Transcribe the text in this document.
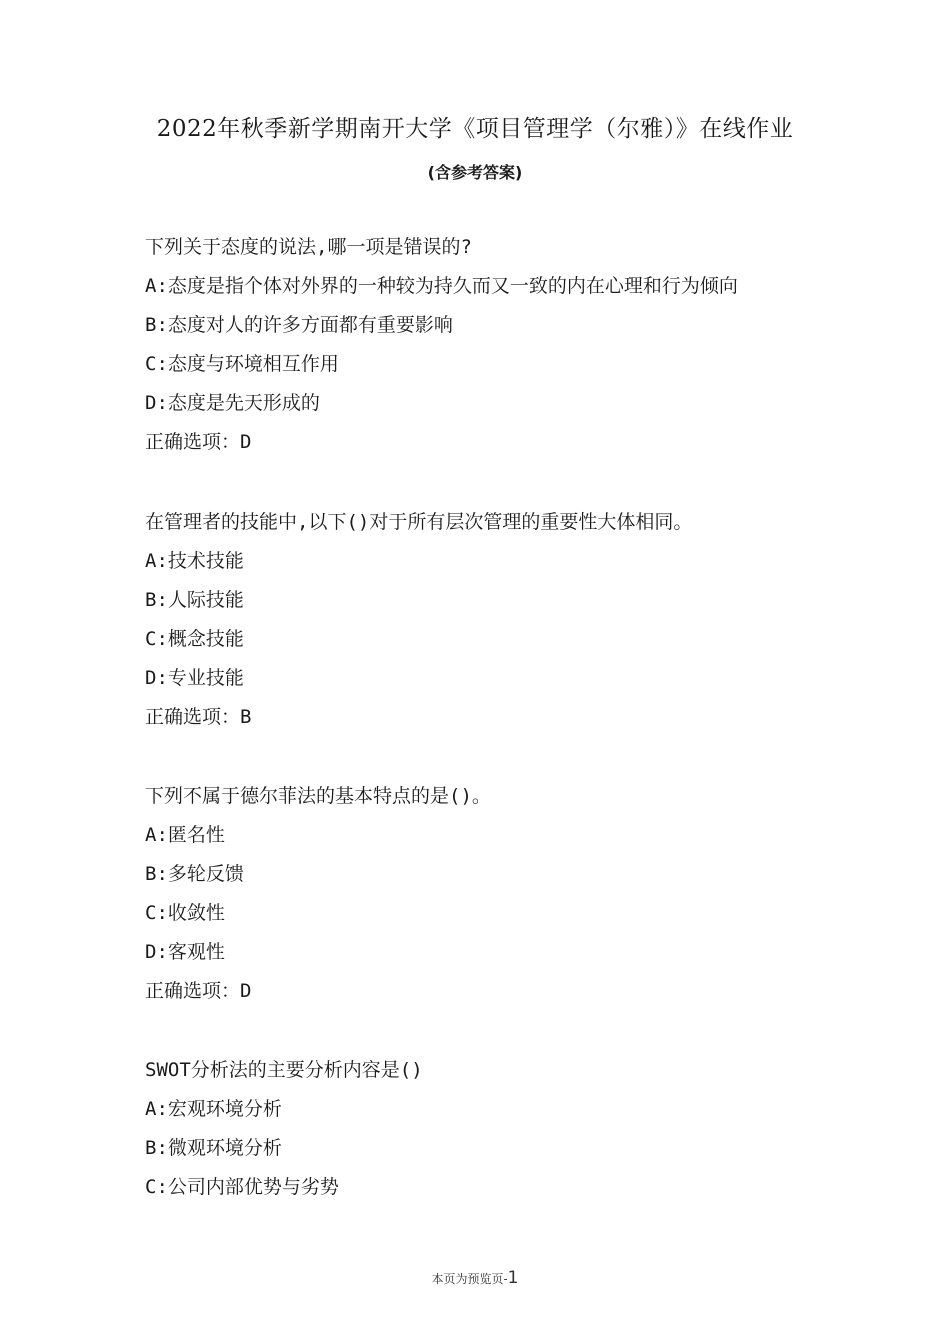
2022年秋季新学期南开大学《项目管理学（尔雅）》在线作业
(含参考答案)
下列关于态度的说法,哪一项是错误的?
A:态度是指个体对外界的一种较为持久而又一致的内在心理和行为倾向
B:态度对人的许多方面都有重要影响
C:态度与环境相互作用
D:态度是先天形成的
正确选项：D
在管理者的技能中,以下()对于所有层次管理的重要性大体相同。
A:技术技能
B:人际技能
C:概念技能
D:专业技能
正确选项：B
下列不属于德尔菲法的基本特点的是()。
A:匿名性
B:多轮反馈
C:收敛性
D:客观性
正确选项：D
SWOT分析法的主要分析内容是()
A:宏观环境分析
B:微观环境分析
C:公司内部优势与劣势
本页为预览页-1
